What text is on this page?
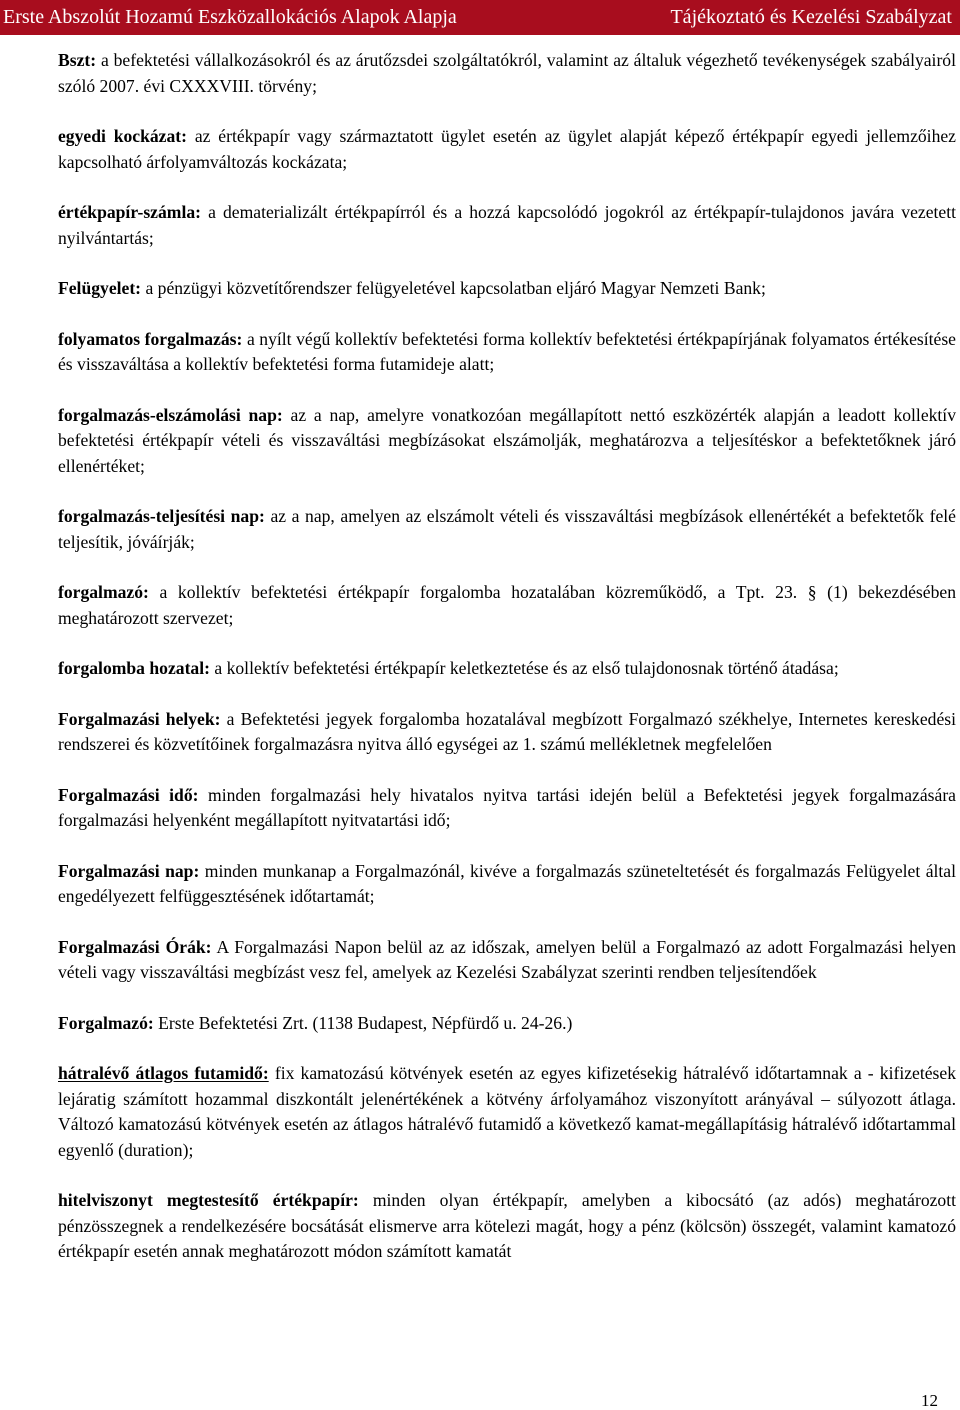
Erste Abszolút Hozamú Eszközallokációs Alapok Alapja	Tájékoztató és Kezelési Szabályzat

Bszt: a befektetési vállalkozásokról és az árutőzsdei szolgáltatókról, valamint az általuk végezhető tevékenységek szabályairól szóló 2007. évi CXXXVIII. törvény;

egyedi kockázat: az értékpapír vagy származtatott ügylet esetén az ügylet alapját képező értékpapír egyedi jellemzőihez kapcsolható árfolyamváltozás kockázata;

értékpapír-számla: a dematerializált értékpapírról és a hozzá kapcsolódó jogokról az értékpapír-tulajdonos javára vezetett nyilvántartás;

Felügyelet: a pénzügyi közvetítőrendszer felügyeletével kapcsolatban eljáró Magyar Nemzeti Bank;

folyamatos forgalmazás: a nyílt végű kollektív befektetési forma kollektív befektetési értékpapírjának folyamatos értékesítése és visszaváltása a kollektív befektetési forma futamideje alatt;

forgalmazás-elszámolási nap: az a nap, amelyre vonatkozóan megállapított nettó eszközérték alapján a leadott kollektív befektetési értékpapír vételi és visszaváltási megbízásokat elszámolják, meghatározva a teljesítéskor a befektetőknek járó ellenértéket;

forgalmazás-teljesítési nap: az a nap, amelyen az elszámolt vételi és visszaváltási megbízások ellenértékét a befektetők felé teljesítik, jóváírják;

forgalmazó: a kollektív befektetési értékpapír forgalomba hozatalában közreműködő, a Tpt. 23. § (1) bekezdésében meghatározott szervezet;

forgalomba hozatal: a kollektív befektetési értékpapír keletkeztetése és az első tulajdonosnak történő átadása;

Forgalmazási helyek: a Befektetési jegyek forgalomba hozatalával megbízott Forgalmazó székhelye, Internetes kereskedési rendszerei és közvetítőinek forgalmazásra nyitva álló egységei az 1. számú mellékletnek megfelelően

Forgalmazási idő: minden forgalmazási hely hivatalos nyitva tartási idején belül a Befektetési jegyek forgalmazására forgalmazási helyenként megállapított nyitvatartási idő;

Forgalmazási nap: minden munkanap a Forgalmazónál, kivéve a forgalmazás szüneteltetését és forgalmazás Felügyelet által engedélyezett felfüggesztésének időtartamát;

Forgalmazási Órák: A Forgalmazási Napon belül az az időszak, amelyen belül a Forgalmazó az adott Forgalmazási helyen vételi vagy visszaváltási megbízást vesz fel, amelyek az Kezelési Szabályzat szerinti rendben teljesítendőek

Forgalmazó: Erste Befektetési Zrt. (1138 Budapest, Népfürdő u. 24-26.)

hátralévő átlagos futamidő: fix kamatozású kötvények esetén az egyes kifizetésekig hátralévő időtartamnak a - kifizetések lejáratig számított hozammal diszkontált jelenértékének a kötvény árfolyamához viszonyított arányával – súlyozott átlaga. Változó kamatozású kötvények esetén az átlagos hátralévő futamidő a következő kamat-megállapításig hátralévő időtartammal egyenlő (duration);

hitelviszonyt megtestesítő értékpapír: minden olyan értékpapír, amelyben a kibocsátó (az adós) meghatározott pénzösszegnek a rendelkezésére bocsátását elismerve arra kötelezi magát, hogy a pénz (kölcsön) összegét, valamint kamatozó értékpapír esetén annak meghatározott módon számított kamatát

12
